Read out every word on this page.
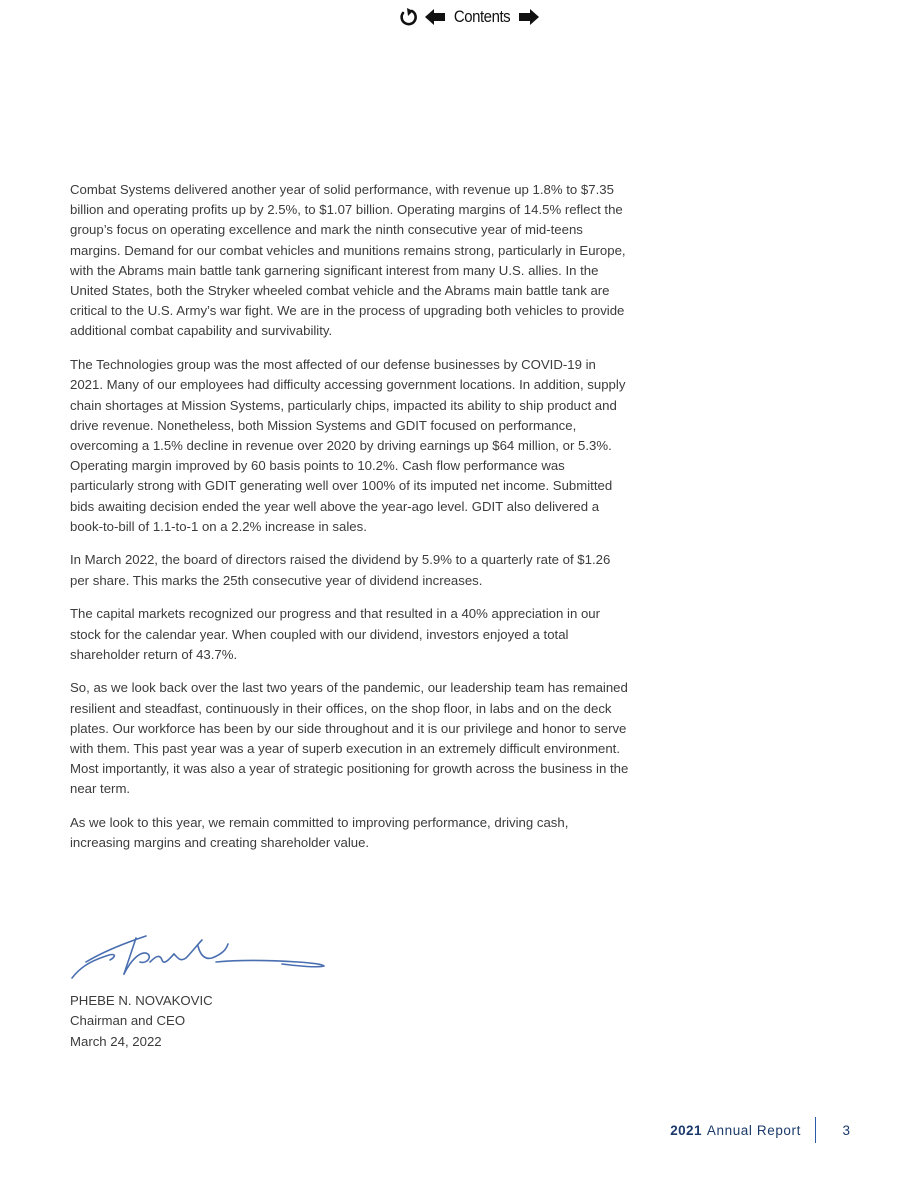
Contents

Combat Systems delivered another year of solid performance, with revenue up 1.8% to $7.35 billion and operating profits up by 2.5%, to $1.07 billion. Operating margins of 14.5% reflect the group’s focus on operating excellence and mark the ninth consecutive year of mid-teens margins. Demand for our combat vehicles and munitions remains strong, particularly in Europe, with the Abrams main battle tank garnering significant interest from many U.S. allies. In the United States, both the Stryker wheeled combat vehicle and the Abrams main battle tank are critical to the U.S. Army’s war fight. We are in the process of upgrading both vehicles to provide additional combat capability and survivability.

The Technologies group was the most affected of our defense businesses by COVID-19 in 2021. Many of our employees had difficulty accessing government locations. In addition, supply chain shortages at Mission Systems, particularly chips, impacted its ability to ship product and drive revenue. Nonetheless, both Mission Systems and GDIT focused on performance, overcoming a 1.5% decline in revenue over 2020 by driving earnings up $64 million, or 5.3%. Operating margin improved by 60 basis points to 10.2%. Cash flow performance was particularly strong with GDIT generating well over 100% of its imputed net income. Submitted bids awaiting decision ended the year well above the year-ago level. GDIT also delivered a book-to-bill of 1.1-to-1 on a 2.2% increase in sales.

In March 2022, the board of directors raised the dividend by 5.9% to a quarterly rate of $1.26 per share. This marks the 25th consecutive year of dividend increases.

The capital markets recognized our progress and that resulted in a 40% appreciation in our stock for the calendar year. When coupled with our dividend, investors enjoyed a total shareholder return of 43.7%.

So, as we look back over the last two years of the pandemic, our leadership team has remained resilient and steadfast, continuously in their offices, on the shop floor, in labs and on the deck plates. Our workforce has been by our side throughout and it is our privilege and honor to serve with them. This past year was a year of superb execution in an extremely difficult environment. Most importantly, it was also a year of strategic positioning for growth across the business in the near term.

As we look to this year, we remain committed to improving performance, driving cash, increasing margins and creating shareholder value.

PHEBE N. NOVAKOVIC
Chairman and CEO
March 24, 2022
2021 Annual Report	3
